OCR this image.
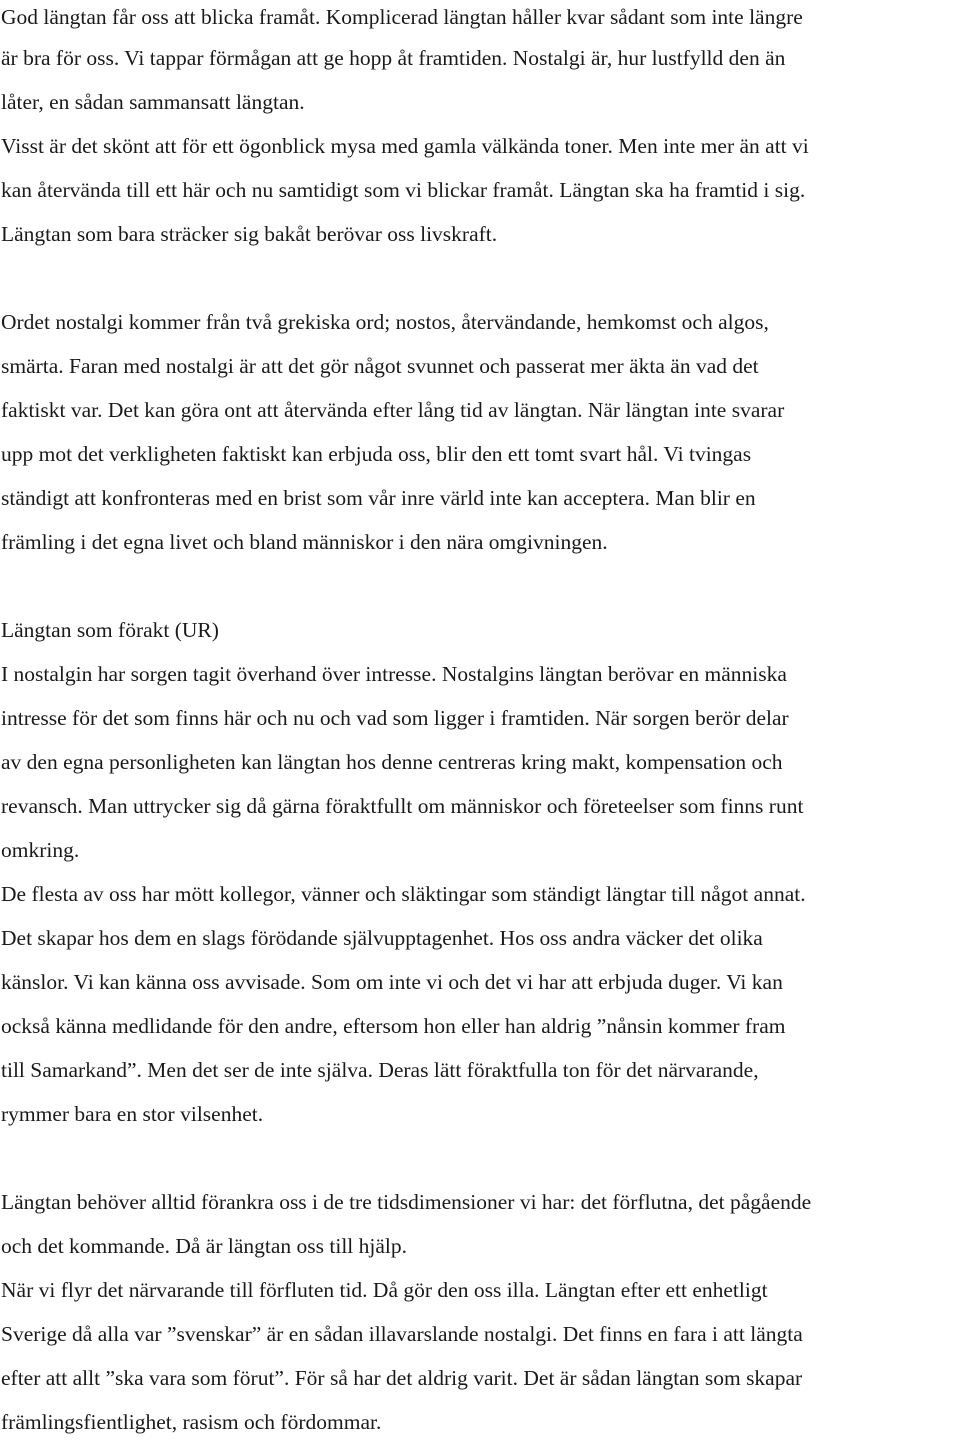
God längtan får oss att blicka framåt. Komplicerad längtan håller kvar sådant som inte längre
är bra för oss. Vi tappar förmågan att ge hopp åt framtiden. Nostalgi är, hur lustfylld den än
låter, en sådan sammansatt längtan.
Visst är det skönt att för ett ögonblick mysa med gamla välkända toner. Men inte mer än att vi
kan återvända till ett här och nu samtidigt som vi blickar framåt. Längtan ska ha framtid i sig.
Längtan som bara sträcker sig bakåt berövar oss livskraft.
Ordet nostalgi kommer från två grekiska ord; nostos, återvändande, hemkomst och algos,
smärta. Faran med nostalgi är att det gör något svunnet och passerat mer äkta än vad det
faktiskt var. Det kan göra ont att återvända efter lång tid av längtan. När längtan inte svarar
upp mot det verkligheten faktiskt kan erbjuda oss, blir den ett tomt svart hål. Vi tvingas
ständigt att konfronteras med en brist som vår inre värld inte kan acceptera. Man blir en
främling i det egna livet och bland människor i den nära omgivningen.
Längtan som förakt (UR)
I nostalgin har sorgen tagit överhand över intresse. Nostalgins längtan berövar en människa
intresse för det som finns här och nu och vad som ligger i framtiden. När sorgen berör delar
av den egna personligheten kan längtan hos denne centreras kring makt, kompensation och
revansch. Man uttrycker sig då gärna föraktfullt om människor och företeelser som finns runt
omkring.
De flesta av oss har mött kollegor, vänner och släktingar som ständigt längtar till något annat.
Det skapar hos dem en slags förödande självupptagenhet. Hos oss andra väcker det olika
känslor. Vi kan känna oss avvisade. Som om inte vi och det vi har att erbjuda duger. Vi kan
också känna medlidande för den andre, eftersom hon eller han aldrig ”nånsin kommer fram
till Samarkand”. Men det ser de inte själva. Deras lätt föraktfulla ton för det närvarande,
rymmer bara en stor vilsenhet.
Längtan behöver alltid förankra oss i de tre tidsdimensioner vi har: det förflutna, det pågående
och det kommande. Då är längtan oss till hjälp.
När vi flyr det närvarande till förfluten tid. Då gör den oss illa. Längtan efter ett enhetligt
Sverige då alla var ”svenskar” är en sådan illavarslande nostalgi. Det finns en fara i att längta
efter att allt ”ska vara som förut”. För så har det aldrig varit. Det är sådan längtan som skapar
främlingsfientlighet, rasism och fördommar.
